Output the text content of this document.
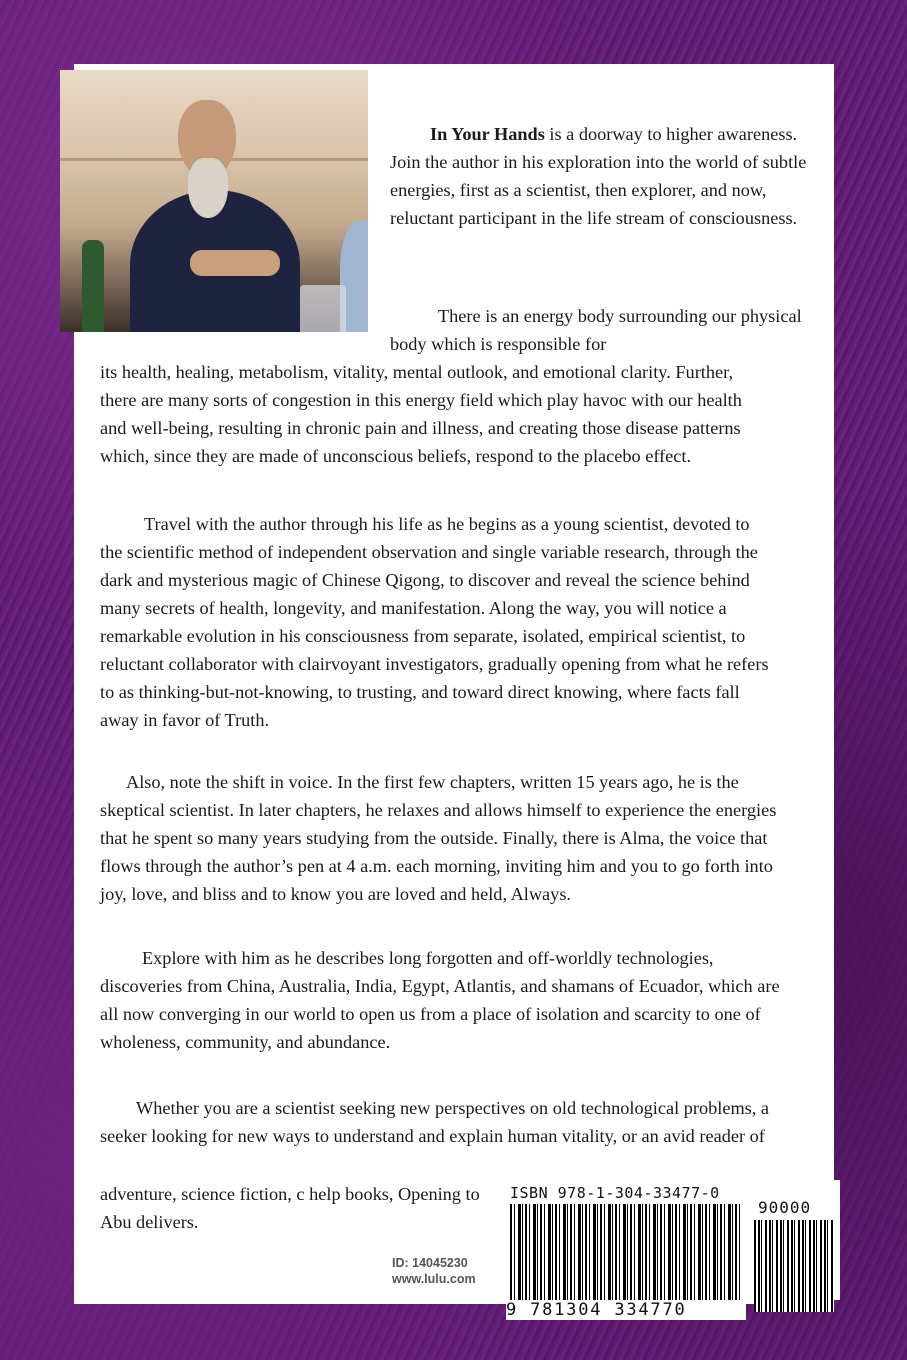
In Your Hands is a doorway to higher awareness. Join the author in his exploration into the world of subtle energies, first as a scientist, then explorer, and now, reluctant participant in the life stream of consciousness.
There is an energy body surrounding our physical body which is responsible for
its health, healing, metabolism, vitality, mental outlook, and emotional clarity. Further, there are many sorts of congestion in this energy field which play havoc with our health and well-being, resulting in chronic pain and illness, and creating those disease patterns which, since they are made of unconscious beliefs, respond to the placebo effect.
Travel with the author through his life as he begins as a young scientist, devoted to the scientific method of independent observation and single variable research, through the dark and mysterious magic of Chinese Qigong, to discover and reveal the science behind many secrets of health, longevity, and manifestation. Along the way, you will notice a remarkable evolution in his consciousness from separate, isolated, empirical scientist, to reluctant collaborator with clairvoyant investigators, gradually opening from what he refers to as thinking-but-not-knowing, to trusting, and toward direct knowing, where facts fall away in favor of Truth.
Also, note the shift in voice. In the first few chapters, written 15 years ago, he is the skeptical scientist. In later chapters, he relaxes and allows himself to experience the energies that he spent so many years studying from the outside. Finally, there is Alma, the voice that flows through the author’s pen at 4 a.m. each morning, inviting him and you to go forth into joy, love, and bliss and to know you are loved and held, Always.
Explore with him as he describes long forgotten and off-worldly technologies, discoveries from China, Australia, India, Egypt, Atlantis, and shamans of Ecuador, which are all now converging in our world to open us from a place of isolation and scarcity to one of wholeness, community, and abundance.
Whether you are a scientist seeking new perspectives on old technological problems, a seeker looking for new ways to understand and explain human vitality, or an avid reader of
adventure, science fiction, c help books, Opening to Abu delivers.
ID: 14045230
www.lulu.com
ISBN 978-1-304-33477-0
90000
9 781304 334770
